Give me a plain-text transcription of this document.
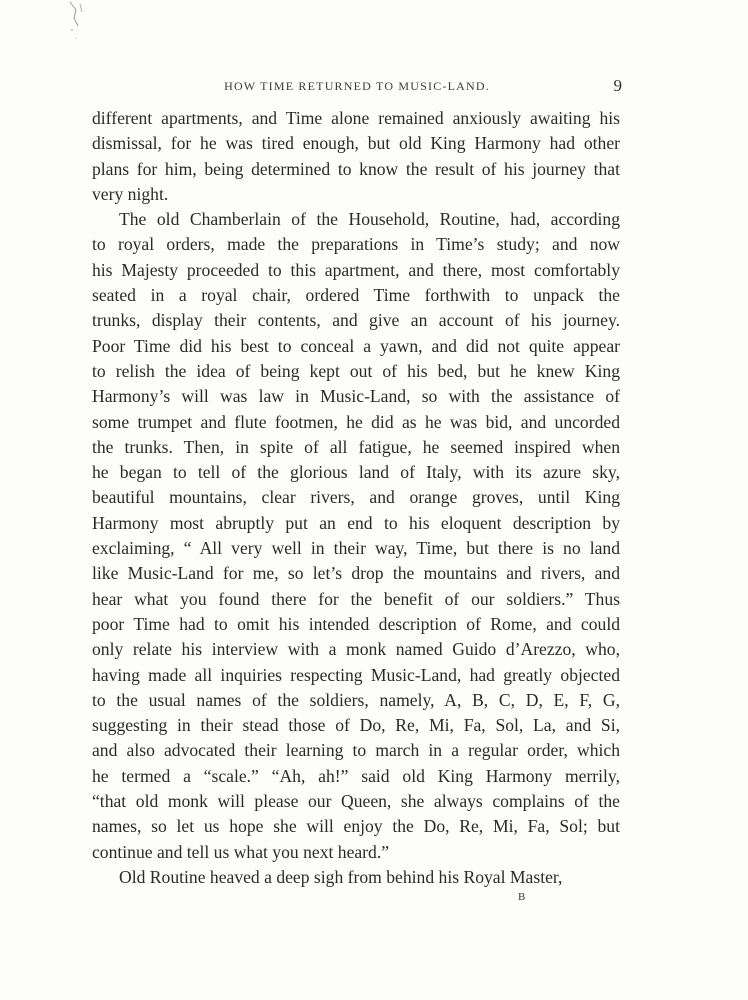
HOW TIME RETURNED TO MUSIC-LAND.	9
different apartments, and Time alone remained anxiously awaiting his
dismissal, for he was tired enough, but old King Harmony had other
plans for him, being determined to know the result of his journey that
very night.
The old Chamberlain of the Household, Routine, had, according
to royal orders, made the preparations in Time’s study; and now
his Majesty proceeded to this apartment, and there, most comfortably
seated in a royal chair, ordered Time forthwith to unpack the
trunks, display their contents, and give an account of his journey.
Poor Time did his best to conceal a yawn, and did not quite appear
to relish the idea of being kept out of his bed, but he knew King
Harmony’s will was law in Music-Land, so with the assistance of
some trumpet and flute footmen, he did as he was bid, and uncorded
the trunks. Then, in spite of all fatigue, he seemed inspired when
he began to tell of the glorious land of Italy, with its azure sky,
beautiful mountains, clear rivers, and orange groves, until King
Harmony most abruptly put an end to his eloquent description by
exclaiming, “ All very well in their way, Time, but there is no land
like Music-Land for me, so let’s drop the mountains and rivers, and
hear what you found there for the benefit of our soldiers.” Thus
poor Time had to omit his intended description of Rome, and could
only relate his interview with a monk named Guido d’Arezzo, who,
having made all inquiries respecting Music-Land, had greatly objected
to the usual names of the soldiers, namely, A, B, C, D, E, F, G,
suggesting in their stead those of Do, Re, Mi, Fa, Sol, La, and Si,
and also advocated their learning to march in a regular order, which
he termed a “scale.” “Ah, ah!” said old King Harmony merrily,
“that old monk will please our Queen, she always complains of the
names, so let us hope she will enjoy the Do, Re, Mi, Fa, Sol; but
continue and tell us what you next heard.”
Old Routine heaved a deep sigh from behind his Royal Master,
B
